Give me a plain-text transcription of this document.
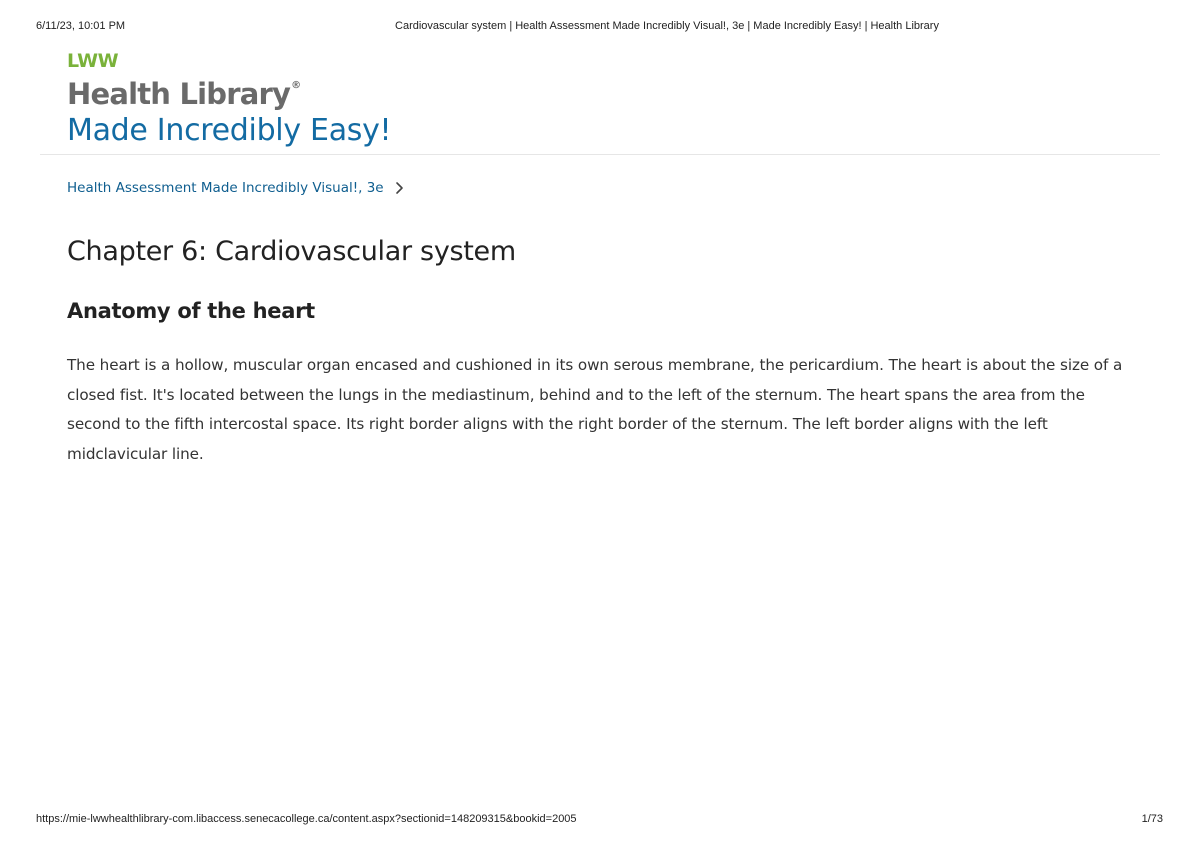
6/11/23, 10:01 PM	Cardiovascular system | Health Assessment Made Incredibly Visual!, 3e | Made Incredibly Easy! | Health Library
LWW
Health Library®
Made Incredibly Easy!
Health Assessment Made Incredibly Visual!, 3e
Chapter 6: Cardiovascular system
Anatomy of the heart

The heart is a hollow, muscular organ encased and cushioned in its own serous membrane, the pericardium. The heart is about the size of a closed fist. It's located between the lungs in the mediastinum, behind and to the left of the sternum. The heart spans the area from the second to the fifth intercostal space. Its right border aligns with the right border of the sternum. The left border aligns with the left midclavicular line.

https://mie-lwwhealthlibrary-com.libaccess.senecacollege.ca/content.aspx?sectionid=148209315&bookid=2005	1/73
